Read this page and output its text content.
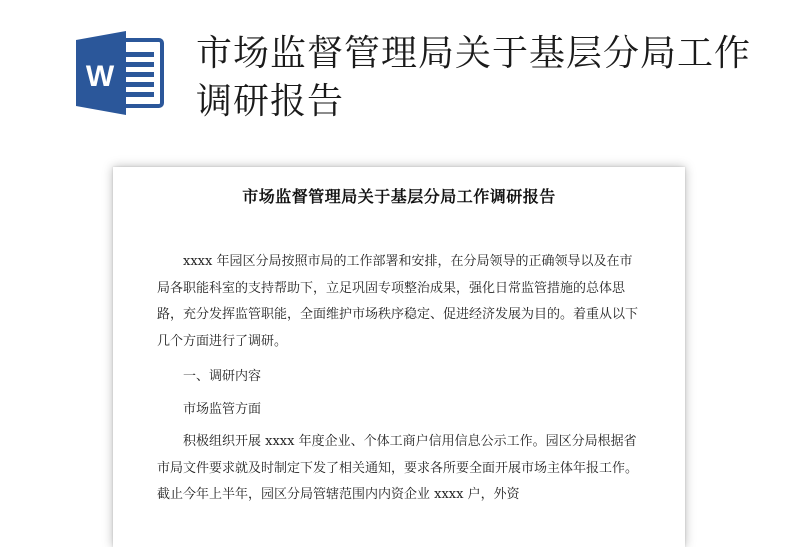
W
市场监督管理局关于基层分局工作调研报告
市场监督管理局关于基层分局工作调研报告

xxxx 年园区分局按照市局的工作部署和安排，在分局领导的正确领导以及在市局各职能科室的支持帮助下，立足巩固专项整治成果，强化日常监管措施的总体思路，充分发挥监管职能，全面维护市场秩序稳定、促进经济发展为目的。着重从以下几个方面进行了调研。

一、调研内容

市场监管方面

积极组织开展 xxxx 年度企业、个体工商户信用信息公示工作。园区分局根据省市局文件要求就及时制定下发了相关通知，要求各所要全面开展市场主体年报工作。截止今年上半年，园区分局管辖范围内内资企业 xxxx 户，外资
